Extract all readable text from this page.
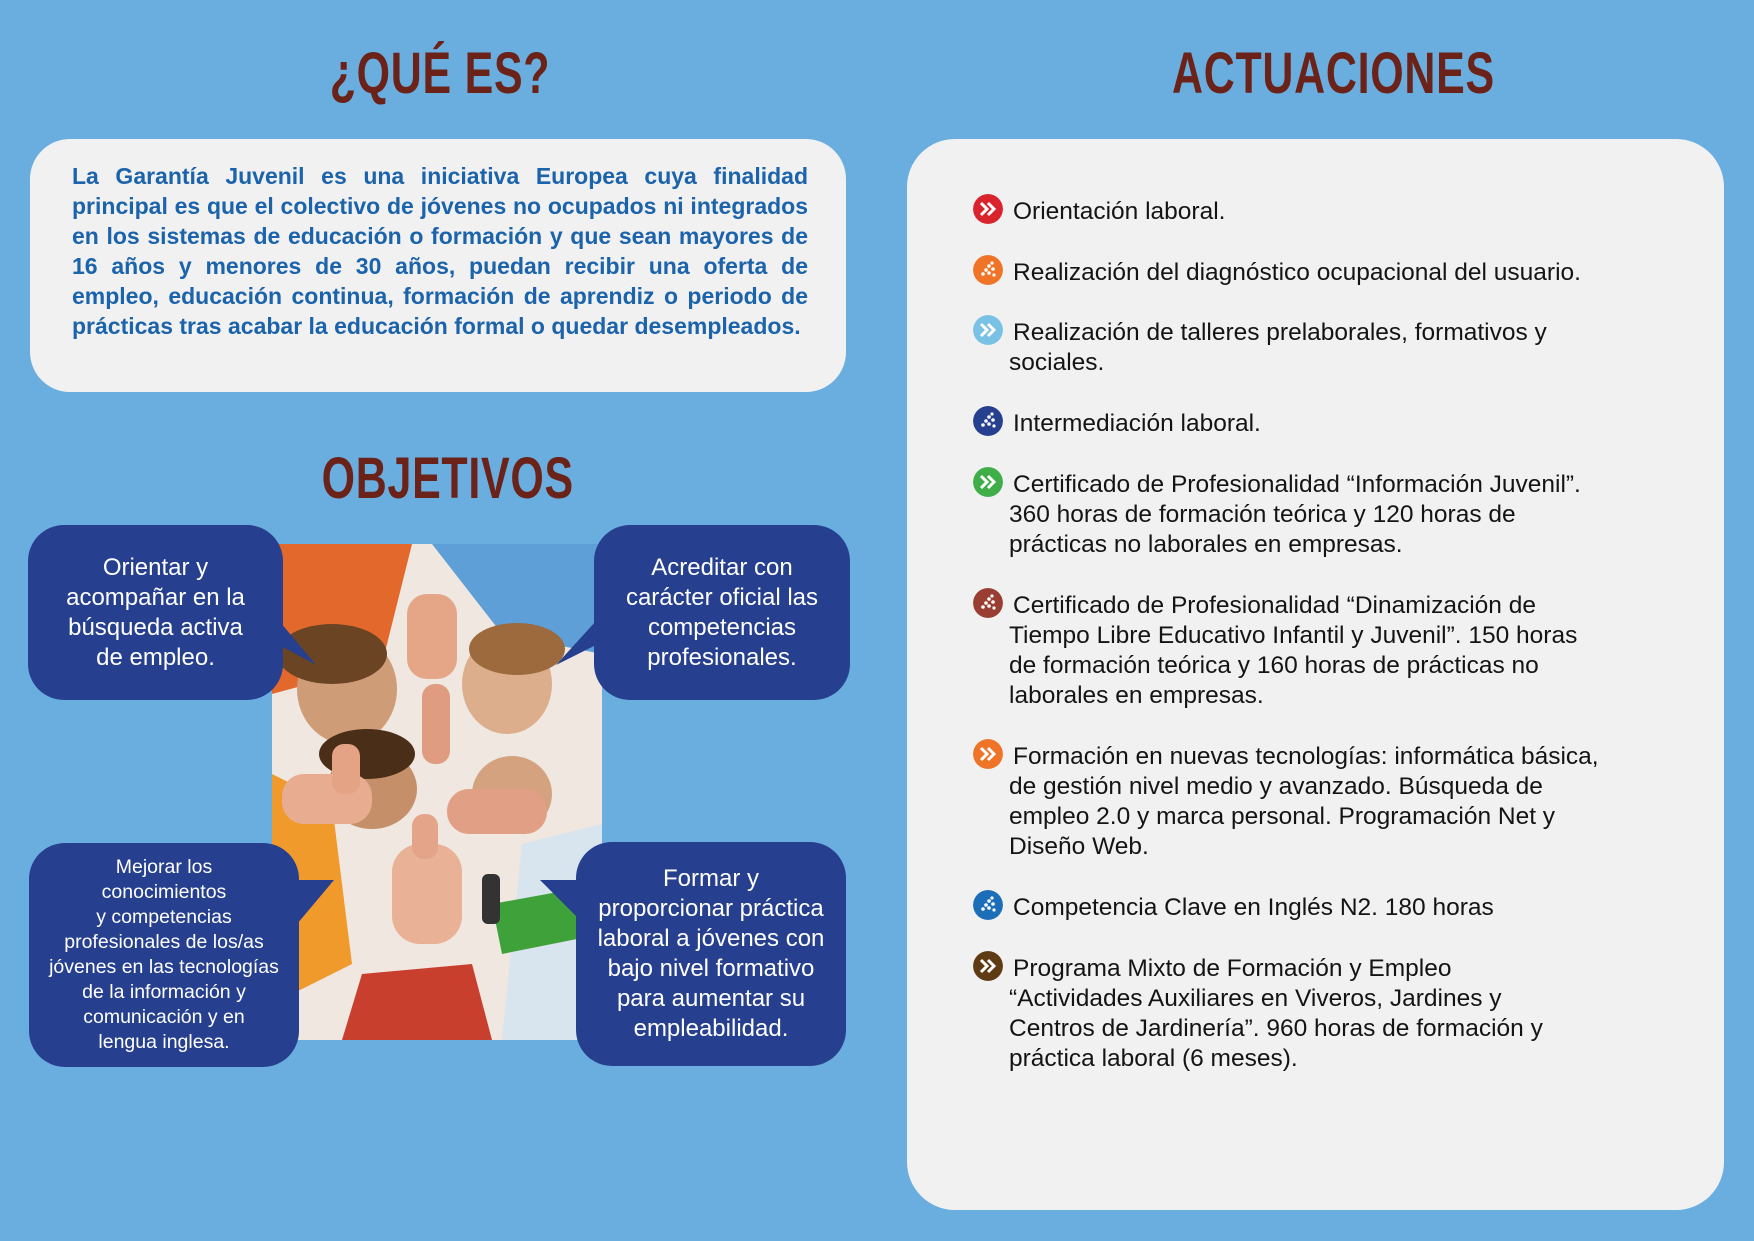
¿QUÉ ES?

La Garantía Juvenil es una iniciativa Europea cuya finalidad principal es que el colectivo de jóvenes no ocupados ni integrados en los sistemas de educación o formación y que sean mayores de 16 años y menores de 30 años, puedan recibir una oferta de empleo, educación continua, formación de aprendiz o periodo de prácticas tras acabar la educación formal o quedar desempleados.

OBJETIVOS
Orientar y
acompañar en la
búsqueda activa
de empleo.
Acreditar con
carácter oficial las
competencias
profesionales.
Mejorar los
conocimientos
y competencias
profesionales de los/as
jóvenes en las tecnologías
de la información y
comunicación y en
lengua inglesa.
Formar y
proporcionar práctica
laboral a jóvenes con
bajo nivel formativo
para aumentar su
empleabilidad.
ACTUACIONES

Orientación laboral.

Realización del diagnóstico ocupacional del usuario.

Realización de talleres prelaborales, formativos y
sociales.

Intermediación laboral.

Certificado de Profesionalidad “Información Juvenil”.
360 horas de formación teórica y 120 horas de
prácticas no laborales en empresas.

Certificado de Profesionalidad “Dinamización de
Tiempo Libre Educativo Infantil y Juvenil”. 150 horas
de formación teórica y 160 horas de prácticas no
laborales en empresas.

Formación en nuevas tecnologías: informática básica,
de gestión nivel medio y avanzado. Búsqueda de
empleo 2.0 y marca personal. Programación Net y
Diseño Web.

Competencia Clave en Inglés N2. 180 horas

Programa Mixto de Formación y Empleo
“Actividades Auxiliares en Viveros, Jardines y
Centros de Jardinería”. 960 horas de formación y
práctica laboral (6 meses).
